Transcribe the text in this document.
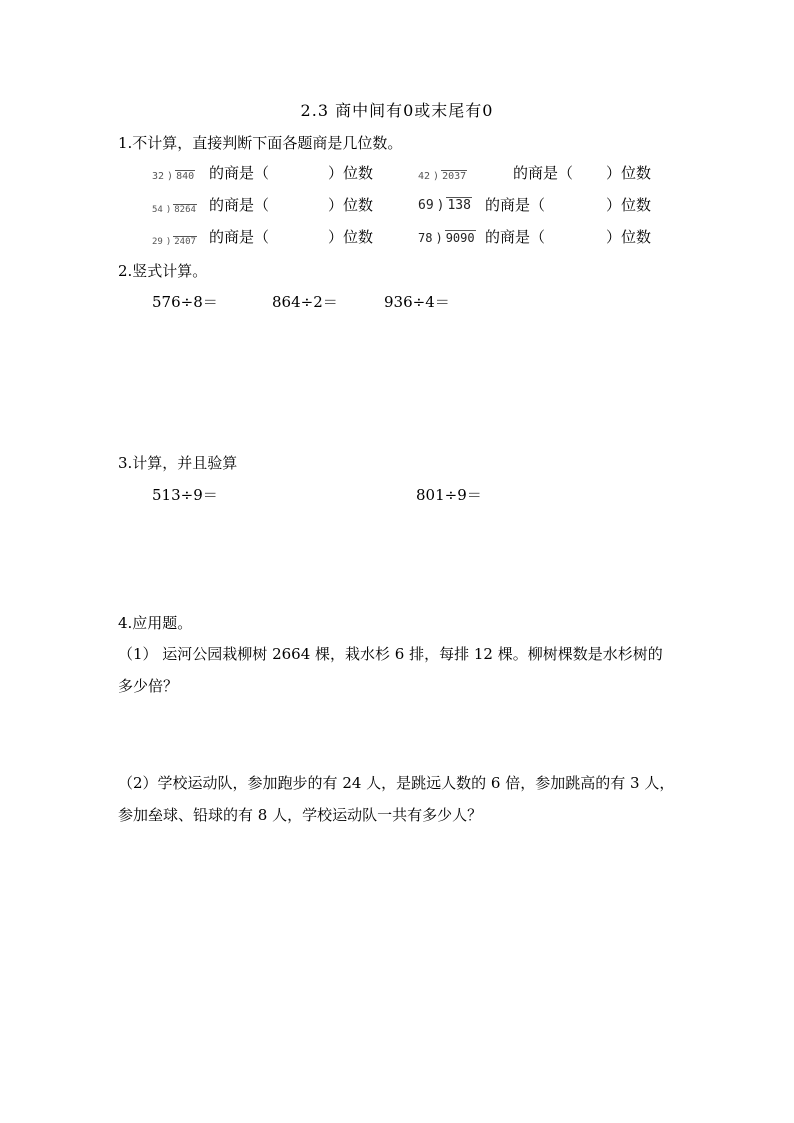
2.3 商中间有0或末尾有0
1.不计算，直接判断下面各题商是几位数。
32 ) 840 的商是（	）位数	42 ) 2037	的商是（ ）位数
54 ) 8264 的商是（	）位数	69 ) 138 的商是（	）位数
29 ) 2407 的商是（	）位数	78 ) 9090 的商是（	）位数
2.竖式计算。
576÷8＝	864÷2＝	936÷4＝
3.计算，并且验算
513÷9＝	801÷9＝
4.应用题。
（1） 运河公园栽柳树 2664 棵，栽水杉 6 排，每排 12 棵。柳树棵数是水杉树的
多少倍？
（2）学校运动队，参加跑步的有 24 人，是跳远人数的 6 倍，参加跳高的有 3 人，
参加垒球、铅球的有 8 人，学校运动队一共有多少人？
